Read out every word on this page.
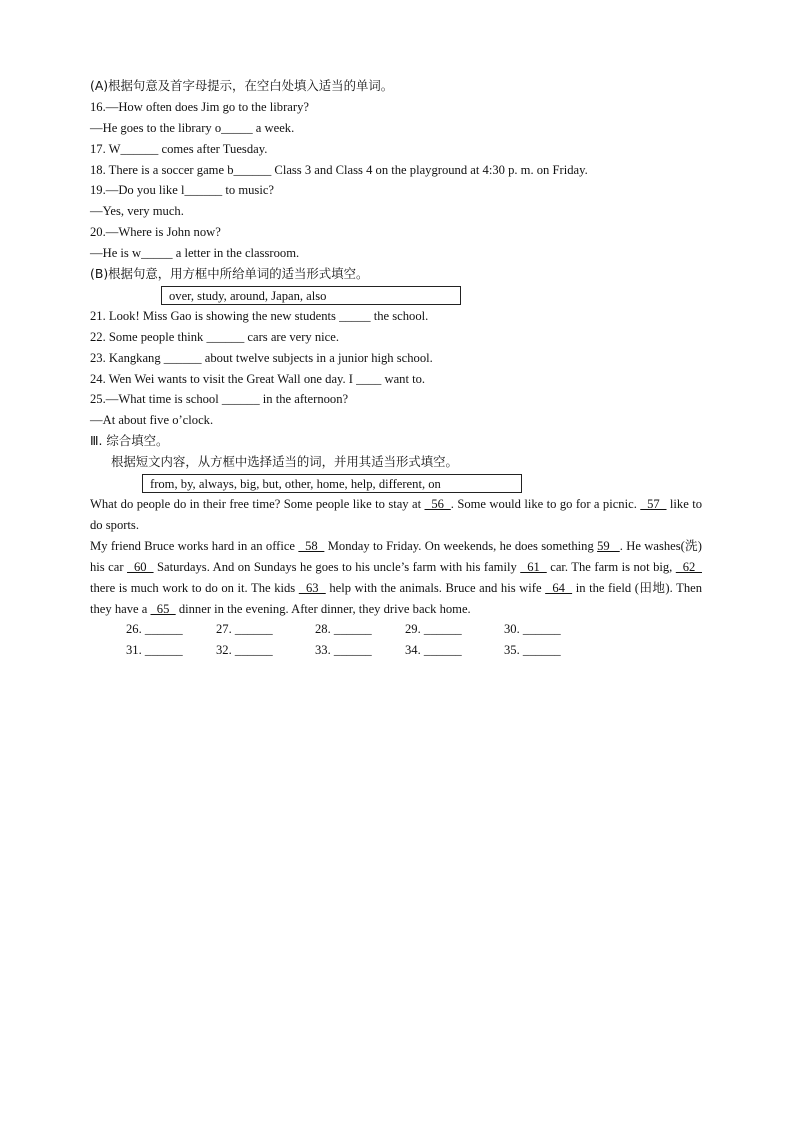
(A)根据句意及首字母提示，在空白处填入适当的单词。
16.—How often does Jim go to the library?
—He goes to the library o_____ a week.
17. W______ comes after Tuesday.
18. There is a soccer game b______ Class 3 and Class 4 on the playground at 4:30 p. m. on Friday.
19.—Do you like l______ to music?
—Yes, very much.
20.—Where is John now?
—He is w_____ a letter in the classroom.
(B)根据句意，用方框中所给单词的适当形式填空。
over, study, around, Japan, also
21. Look! Miss Gao is showing the new students _____ the school.
22. Some people think ______ cars are very nice.
23. Kangkang ______ about twelve subjects in a junior high school.
24. Wen Wei wants to visit the Great Wall one day. I ____ want to.
25.—What time is school ______ in the afternoon?
—At about five o’clock.
Ⅲ. 综合填空。
根据短文内容，从方框中选择适当的词，并用其适当形式填空。
from, by, always, big, but, other, home, help, different, on
What do people do in their free time? Some people like to stay at   56  . Some would like to go for a picnic.   57   like to do sports.
My friend Bruce works hard in an office   58   Monday to Friday. On weekends, he does something 59   . He washes(洗) his car   60   Saturdays. And on Sundays he goes to his uncle’s farm with his family   61   car. The farm is not big,   62   there is much work to do on it. The kids   63   help with the animals. Bruce and his wife   64   in the field (田地). Then they have a   65   dinner in the evening. After dinner, they drive back home.
26. ______	27. ______	28. ______	29. ______	30. ______
31. ______	32. ______	33. ______	34. ______	35. ______
